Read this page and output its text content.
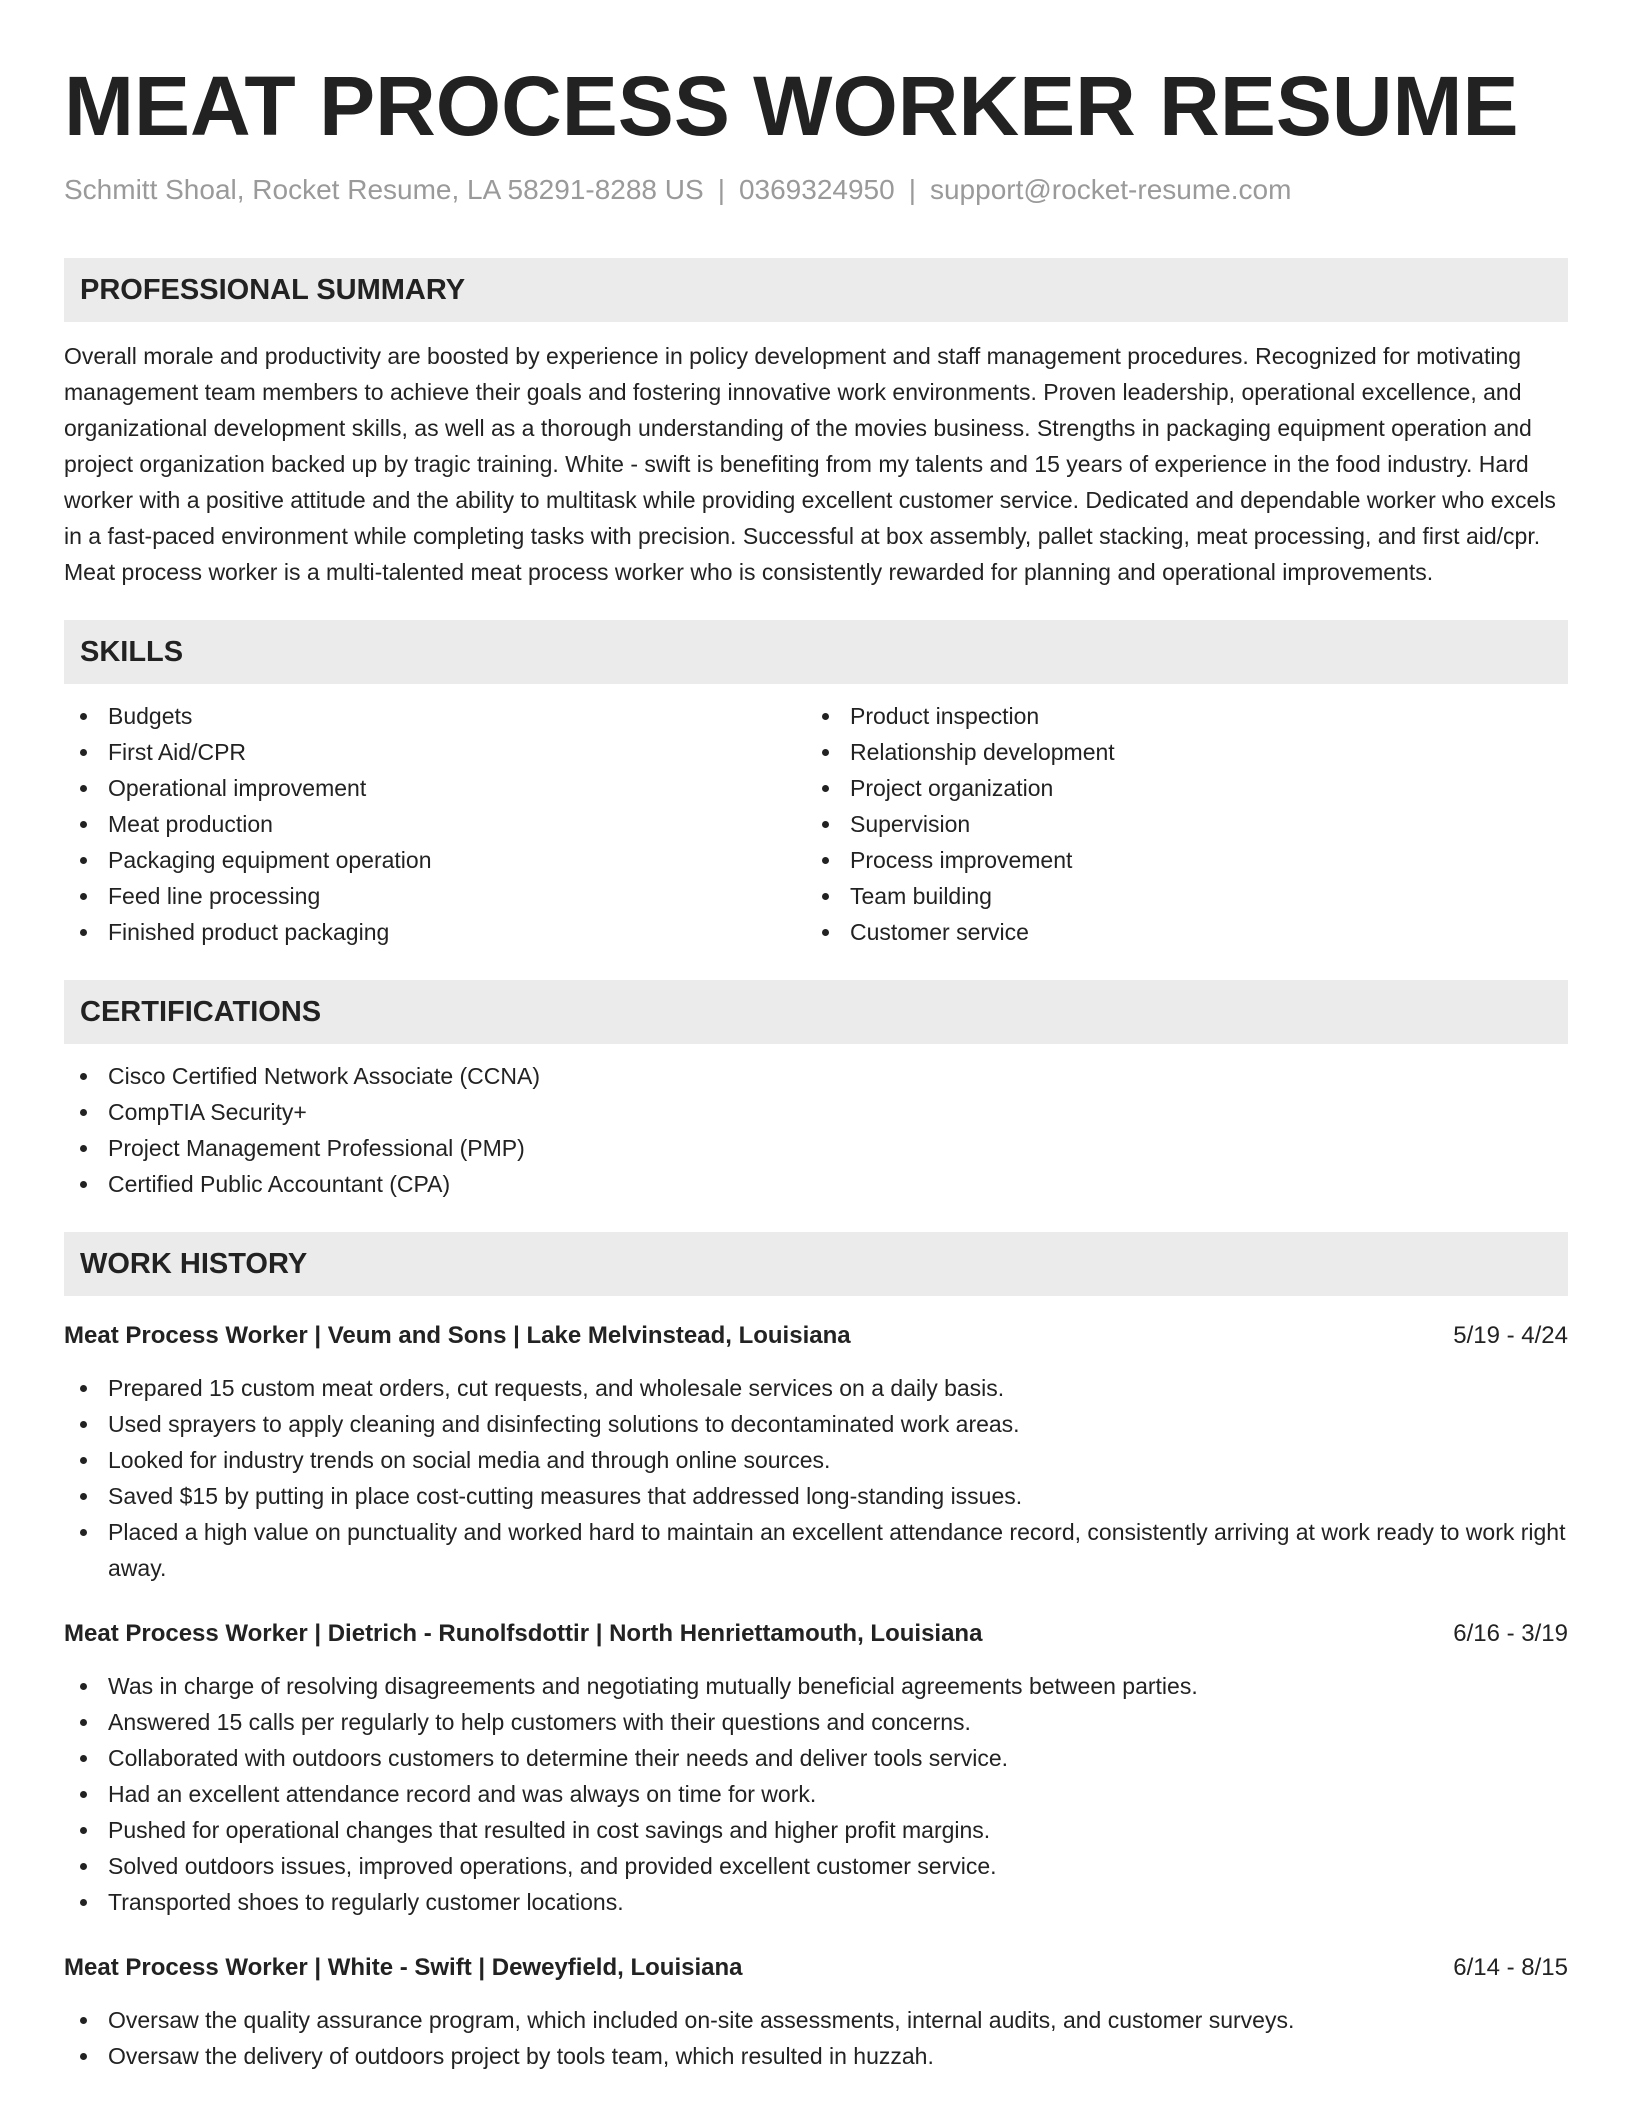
MEAT PROCESS WORKER RESUME
Schmitt Shoal, Rocket Resume, LA 58291-8288 US | 0369324950 | support@rocket-resume.com
PROFESSIONAL SUMMARY
Overall morale and productivity are boosted by experience in policy development and staff management procedures. Recognized for motivating management team members to achieve their goals and fostering innovative work environments. Proven leadership, operational excellence, and organizational development skills, as well as a thorough understanding of the movies business. Strengths in packaging equipment operation and project organization backed up by tragic training. White - swift is benefiting from my talents and 15 years of experience in the food industry. Hard worker with a positive attitude and the ability to multitask while providing excellent customer service. Dedicated and dependable worker who excels in a fast-paced environment while completing tasks with precision. Successful at box assembly, pallet stacking, meat processing, and first aid/cpr. Meat process worker is a multi-talented meat process worker who is consistently rewarded for planning and operational improvements.
SKILLS
Budgets
First Aid/CPR
Operational improvement
Meat production
Packaging equipment operation
Feed line processing
Finished product packaging
Product inspection
Relationship development
Project organization
Supervision
Process improvement
Team building
Customer service
CERTIFICATIONS
Cisco Certified Network Associate (CCNA)
CompTIA Security+
Project Management Professional (PMP)
Certified Public Accountant (CPA)
WORK HISTORY
Meat Process Worker | Veum and Sons | Lake Melvinstead, Louisiana	5/19 - 4/24
Prepared 15 custom meat orders, cut requests, and wholesale services on a daily basis.
Used sprayers to apply cleaning and disinfecting solutions to decontaminated work areas.
Looked for industry trends on social media and through online sources.
Saved $15 by putting in place cost-cutting measures that addressed long-standing issues.
Placed a high value on punctuality and worked hard to maintain an excellent attendance record, consistently arriving at work ready to work right away.
Meat Process Worker | Dietrich - Runolfsdottir | North Henriettamouth, Louisiana	6/16 - 3/19
Was in charge of resolving disagreements and negotiating mutually beneficial agreements between parties.
Answered 15 calls per regularly to help customers with their questions and concerns.
Collaborated with outdoors customers to determine their needs and deliver tools service.
Had an excellent attendance record and was always on time for work.
Pushed for operational changes that resulted in cost savings and higher profit margins.
Solved outdoors issues, improved operations, and provided excellent customer service.
Transported shoes to regularly customer locations.
Meat Process Worker | White - Swift | Deweyfield, Louisiana	6/14 - 8/15
Oversaw the quality assurance program, which included on-site assessments, internal audits, and customer surveys.
Oversaw the delivery of outdoors project by tools team, which resulted in huzzah.
